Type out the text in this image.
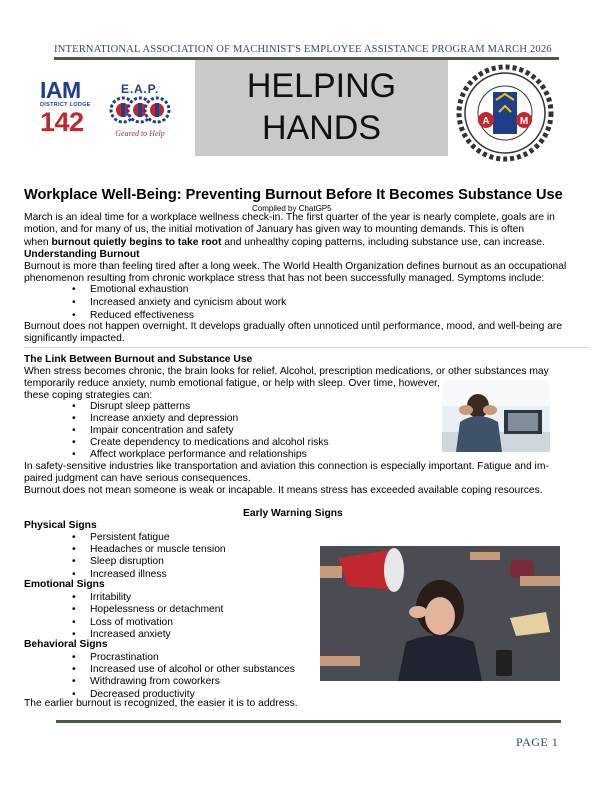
INTERNATIONAL ASSOCIATION OF MACHINIST'S EMPLOYEE ASSISTANCE PROGRAM MARCH 2026
IAM
DISTRICT LODGE
142
E.A.P.
Geared to Help
HELPING
HANDS	A	M
Workplace Well-Being: Preventing Burnout Before It Becomes Substance Use
Compiled by ChatGP5
March is an ideal time for a workplace wellness check-in. The first quarter of the year is nearly complete, goals are in
motion, and for many of us, the initial motivation of January has given way to mounting demands. This is often
when burnout quietly begins to take root and unhealthy coping patterns, including substance use, can increase.
Understanding Burnout
Burnout is more than feeling tired after a long week. The World Health Organization defines burnout as an occupational
phenomenon resulting from chronic workplace stress that has not been successfully managed. Symptoms include:
• Emotional exhaustion
• Increased anxiety and cynicism about work
• Reduced effectiveness
Burnout does not happen overnight. It develops gradually often unnoticed until performance, mood, and well-being are
significantly impacted.
The Link Between Burnout and Substance Use
When stress becomes chronic, the brain looks for relief. Alcohol, prescription medications, or other substances may
temporarily reduce anxiety, numb emotional fatigue, or help with sleep. Over time, however,
these coping strategies can:
• Disrupt sleep patterns
• Increase anxiety and depression
• Impair concentration and safety
• Create dependency to medications and alcohol risks
• Affect workplace performance and relationships
In safety-sensitive industries like transportation and aviation this connection is especially important. Fatigue and im-
paired judgment can have serious consequences.
Burnout does not mean someone is weak or incapable. It means stress has exceeded available coping resources.
Early Warning Signs
Physical Signs
• Persistent fatigue
• Headaches or muscle tension
• Sleep disruption
• Increased illness
Emotional Signs
• Irritability
• Hopelessness or detachment
• Loss of motivation
• Increased anxiety
Behavioral Signs
• Procrastination
• Increased use of alcohol or other substances
• Withdrawing from coworkers
• Decreased productivity
The earlier burnout is recognized, the easier it is to address.
PAGE 1
